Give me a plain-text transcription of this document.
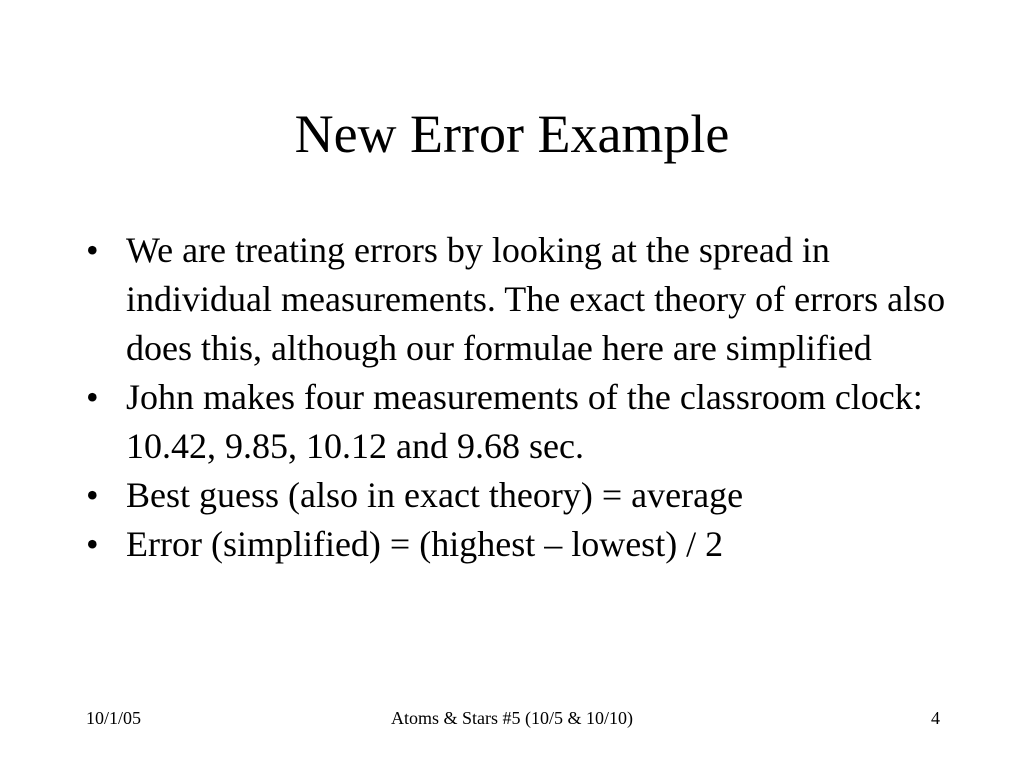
New Error Example
• We are treating errors by looking at the spread in individual measurements. The exact theory of errors also does this, although our formulae here are simplified
• John makes four measurements of the classroom clock: 10.42, 9.85, 10.12 and 9.68 sec.
• Best guess (also in exact theory) = average
• Error (simplified) = (highest – lowest) / 2
10/1/05	Atoms & Stars #5 (10/5 & 10/10)	4
